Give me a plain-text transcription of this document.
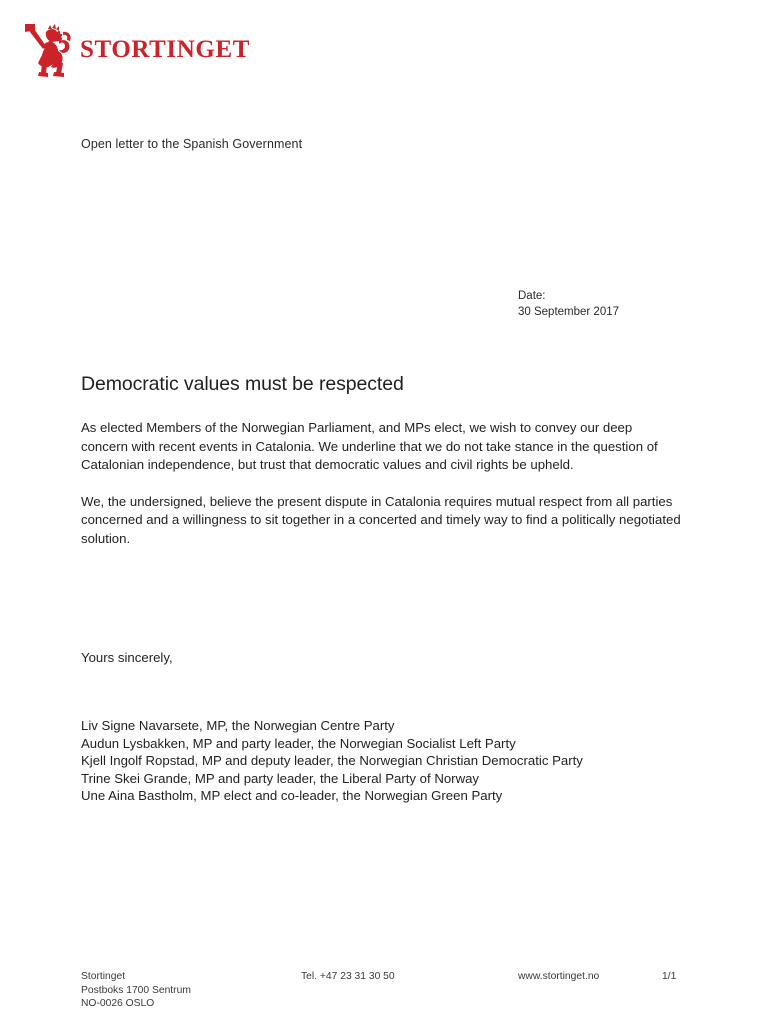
STORTINGET
Open letter to the Spanish Government
Date:
30 September 2017
Democratic values must be respected

As elected Members of the Norwegian Parliament, and MPs elect, we wish to convey our deep concern with recent events in Catalonia. We underline that we do not take stance in the question of Catalonian independence, but trust that democratic values and civil rights be upheld.

We, the undersigned, believe the present dispute in Catalonia requires mutual respect from all parties concerned and a willingness to sit together in a concerted and timely way to find a politically negotiated solution.

Yours sincerely,
Liv Signe Navarsete, MP, the Norwegian Centre Party
Audun Lysbakken, MP and party leader, the Norwegian Socialist Left Party
Kjell Ingolf Ropstad, MP and deputy leader, the Norwegian Christian Democratic Party
Trine Skei Grande, MP and party leader, the Liberal Party of Norway
Une Aina Bastholm, MP elect and co-leader, the Norwegian Green Party
Stortinget
Postboks 1700 Sentrum
NO-0026 OSLO
Tel. +47 23 31 30 50	www.stortinget.no	1/1
